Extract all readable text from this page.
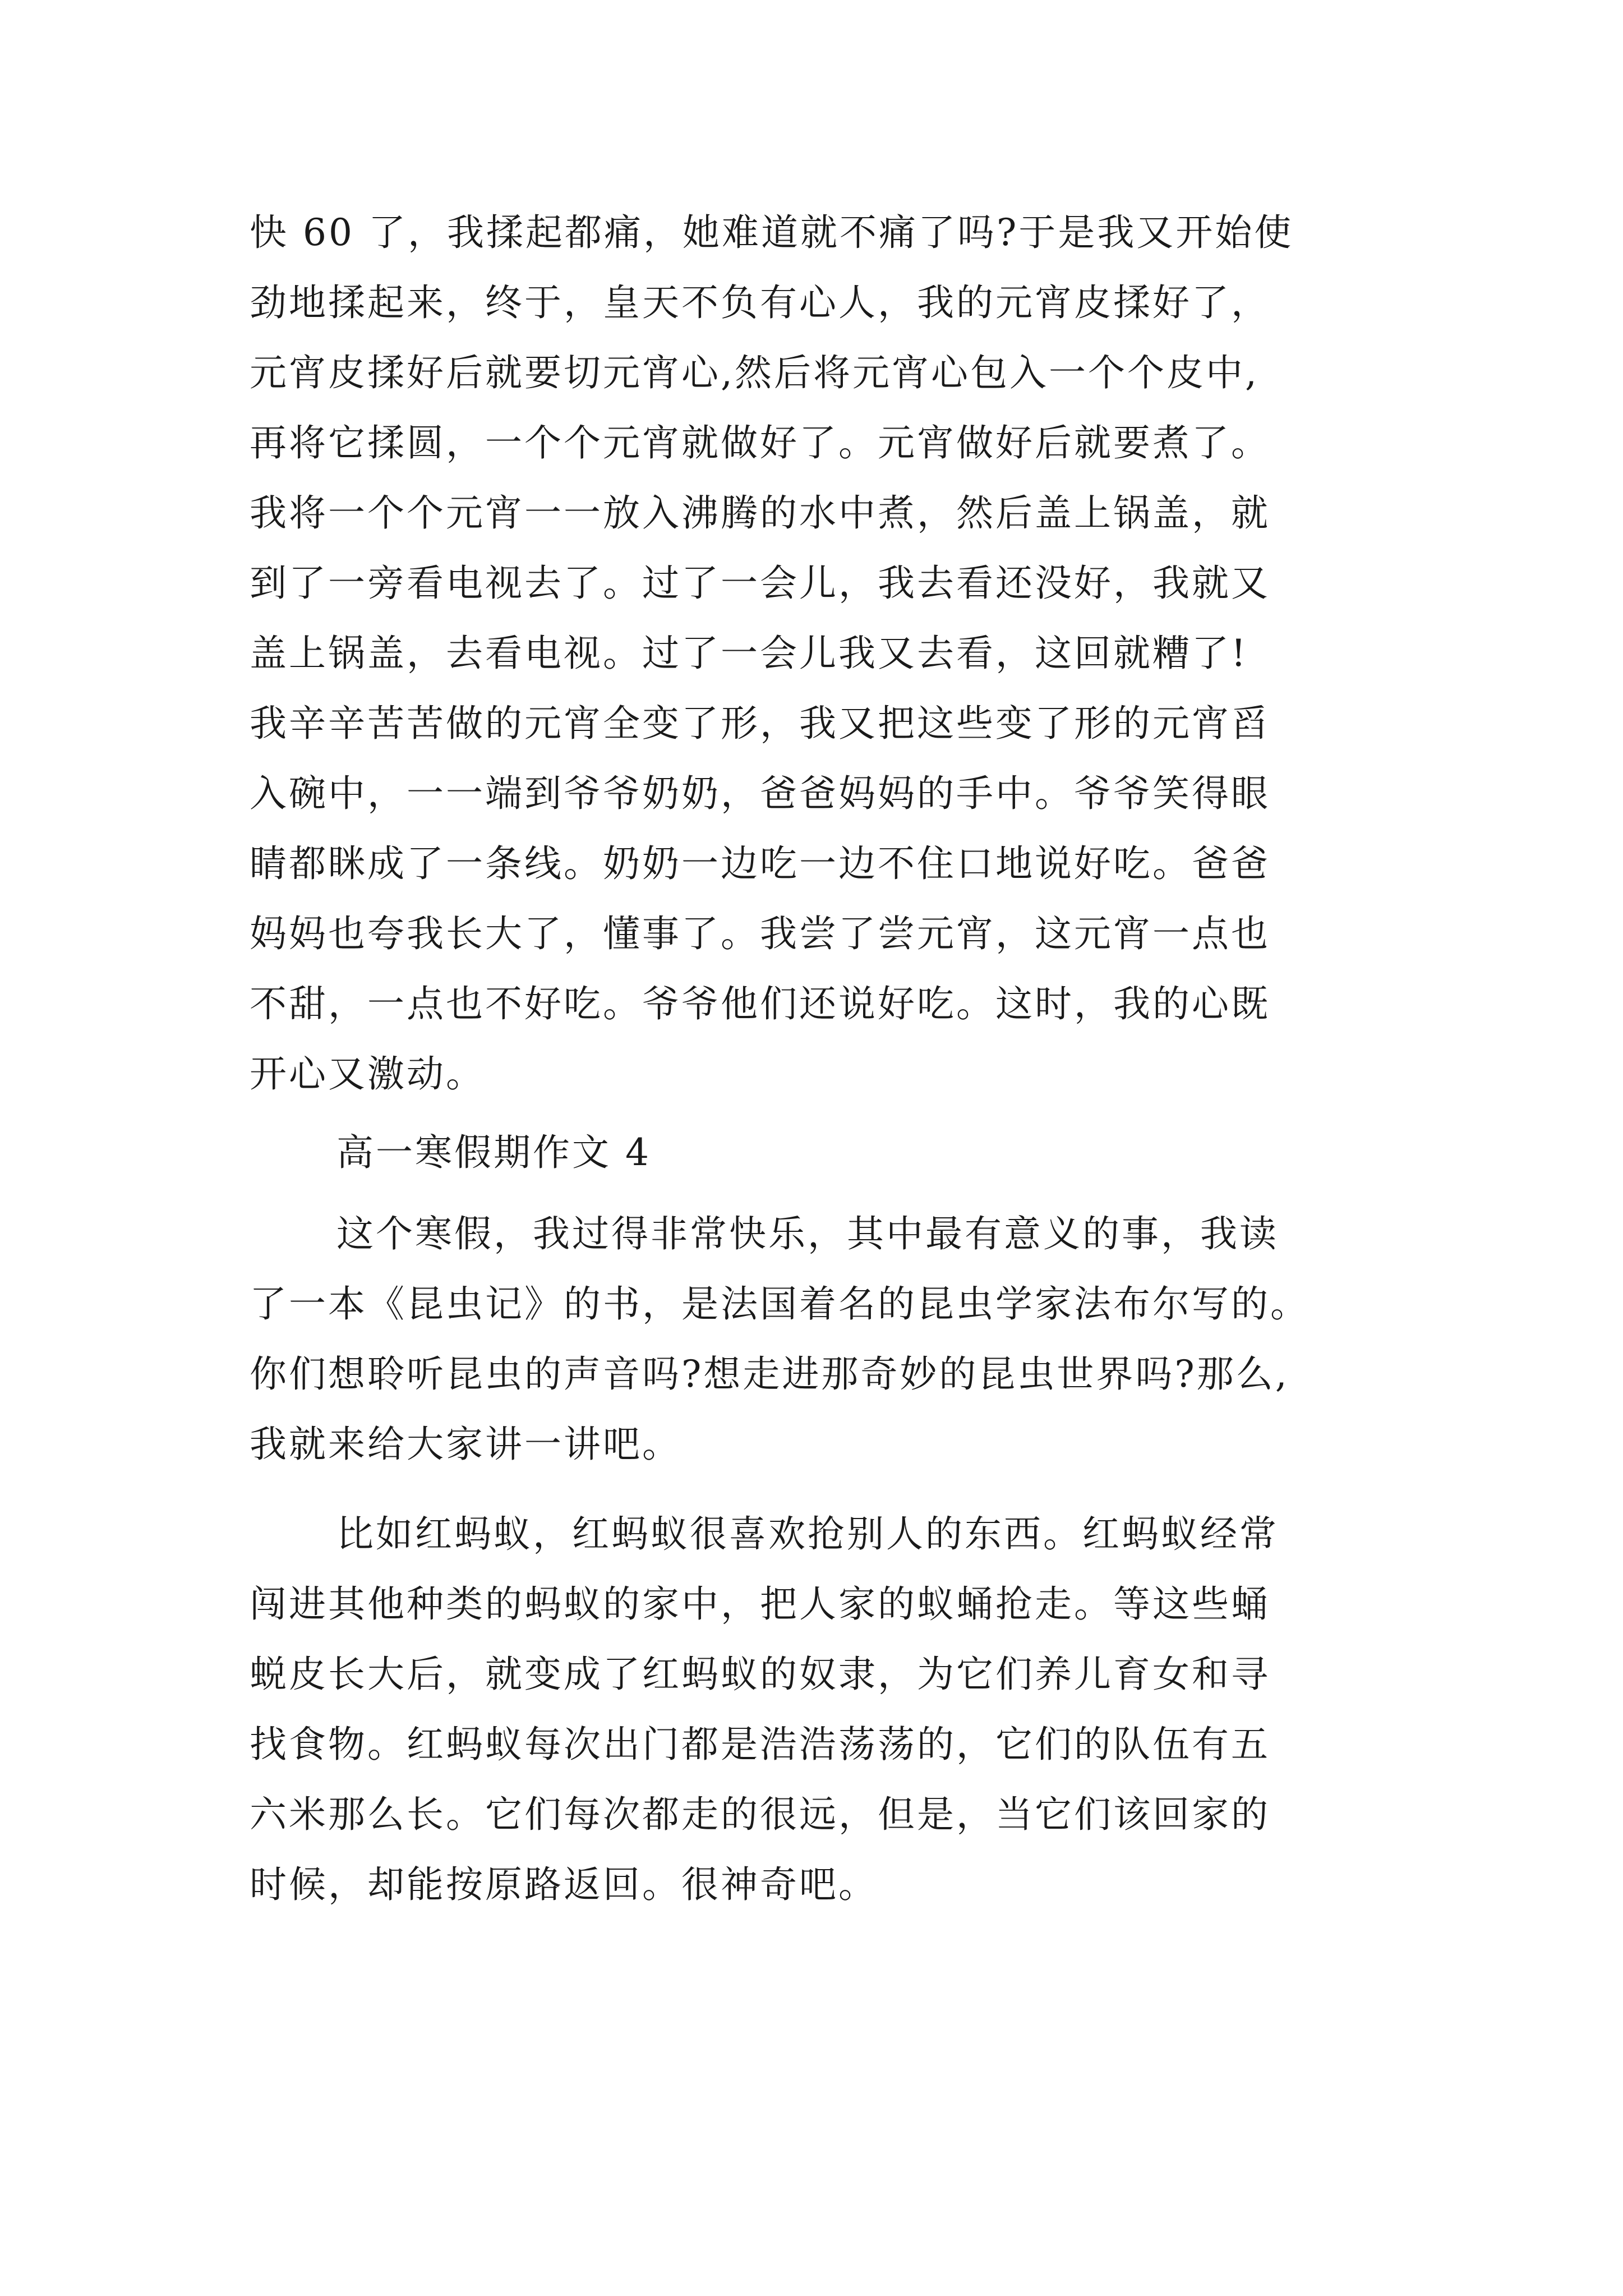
快 60 了，我揉起都痛，她难道就不痛了吗?于是我又开始使
劲地揉起来，终于，皇天不负有心人，我的元宵皮揉好了，
元宵皮揉好后就要切元宵心,然后将元宵心包入一个个皮中,
再将它揉圆，一个个元宵就做好了。元宵做好后就要煮了。
我将一个个元宵一一放入沸腾的水中煮，然后盖上锅盖，就
到了一旁看电视去了。过了一会儿，我去看还没好，我就又
盖上锅盖，去看电视。过了一会儿我又去看，这回就糟了!
我辛辛苦苦做的元宵全变了形，我又把这些变了形的元宵舀
入碗中，一一端到爷爷奶奶，爸爸妈妈的手中。爷爷笑得眼
睛都眯成了一条线。奶奶一边吃一边不住口地说好吃。爸爸
妈妈也夸我长大了，懂事了。我尝了尝元宵，这元宵一点也
不甜，一点也不好吃。爷爷他们还说好吃。这时，我的心既
开心又激动。
高一寒假期作文 4
这个寒假，我过得非常快乐，其中最有意义的事，我读
了一本《昆虫记》的书，是法国着名的昆虫学家法布尔写的。
你们想聆听昆虫的声音吗?想走进那奇妙的昆虫世界吗?那么,
我就来给大家讲一讲吧。
比如红蚂蚁，红蚂蚁很喜欢抢别人的东西。红蚂蚁经常
闯进其他种类的蚂蚁的家中，把人家的蚁蛹抢走。等这些蛹
蜕皮长大后，就变成了红蚂蚁的奴隶，为它们养儿育女和寻
找食物。红蚂蚁每次出门都是浩浩荡荡的，它们的队伍有五
六米那么长。它们每次都走的很远，但是，当它们该回家的
时候，却能按原路返回。很神奇吧。
